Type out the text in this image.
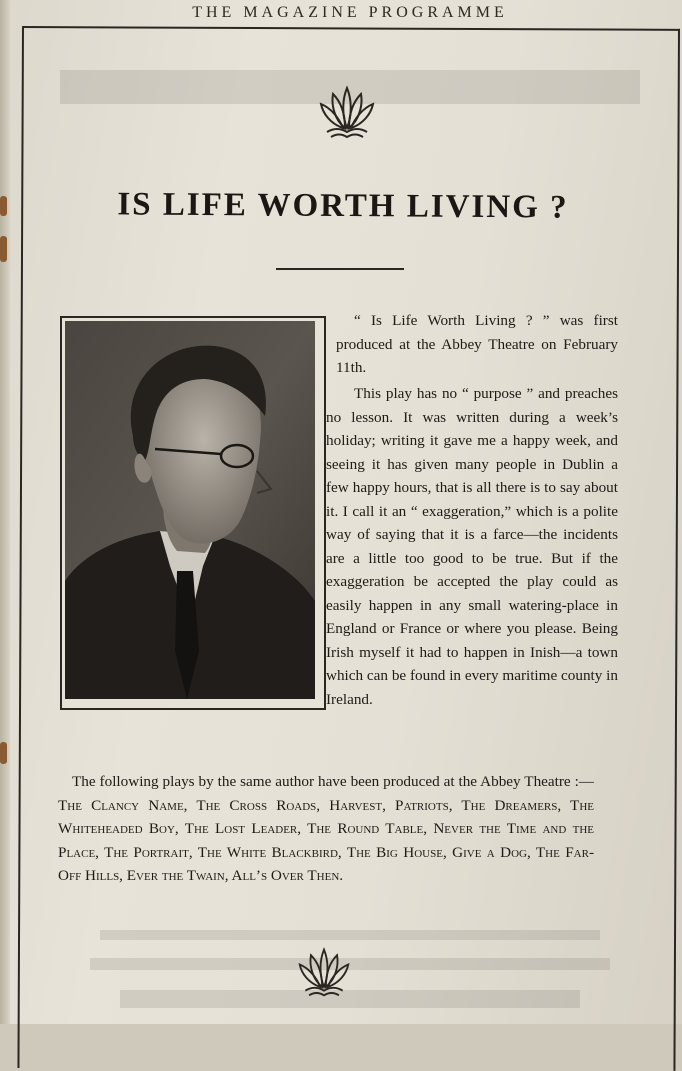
THE MAGAZINE PROGRAMME
IS LIFE WORTH LIVING ?
“ Is Life Worth Living ? ” was first produced at the Abbey Theatre on February 11th.
This play has no “ purpose ” and preaches no lesson. It was written during a week’s holiday; writing it gave me a happy week, and seeing it has given many people in Dublin a few happy hours, that is all there is to say about it. I call it an “ exaggeration,” which is a polite way of saying that it is a farce—the incidents are a little too good to be true. But if the exaggeration be accepted the play could as easily happen in any small watering-place in England or France or where you please. Being Irish myself it had to happen in Inish—a town which can be found in every maritime county in Ireland.
The following plays by the same author have been produced at the Abbey Theatre :—The Clancy Name, The Cross Roads, Harvest, Patriots, The Dreamers, The Whiteheaded Boy, The Lost Leader, The Round Table, Never the Time and the Place, The Portrait, The White Blackbird, The Big House, Give a Dog, The Far-Off Hills, Ever the Twain, All’s Over Then.
